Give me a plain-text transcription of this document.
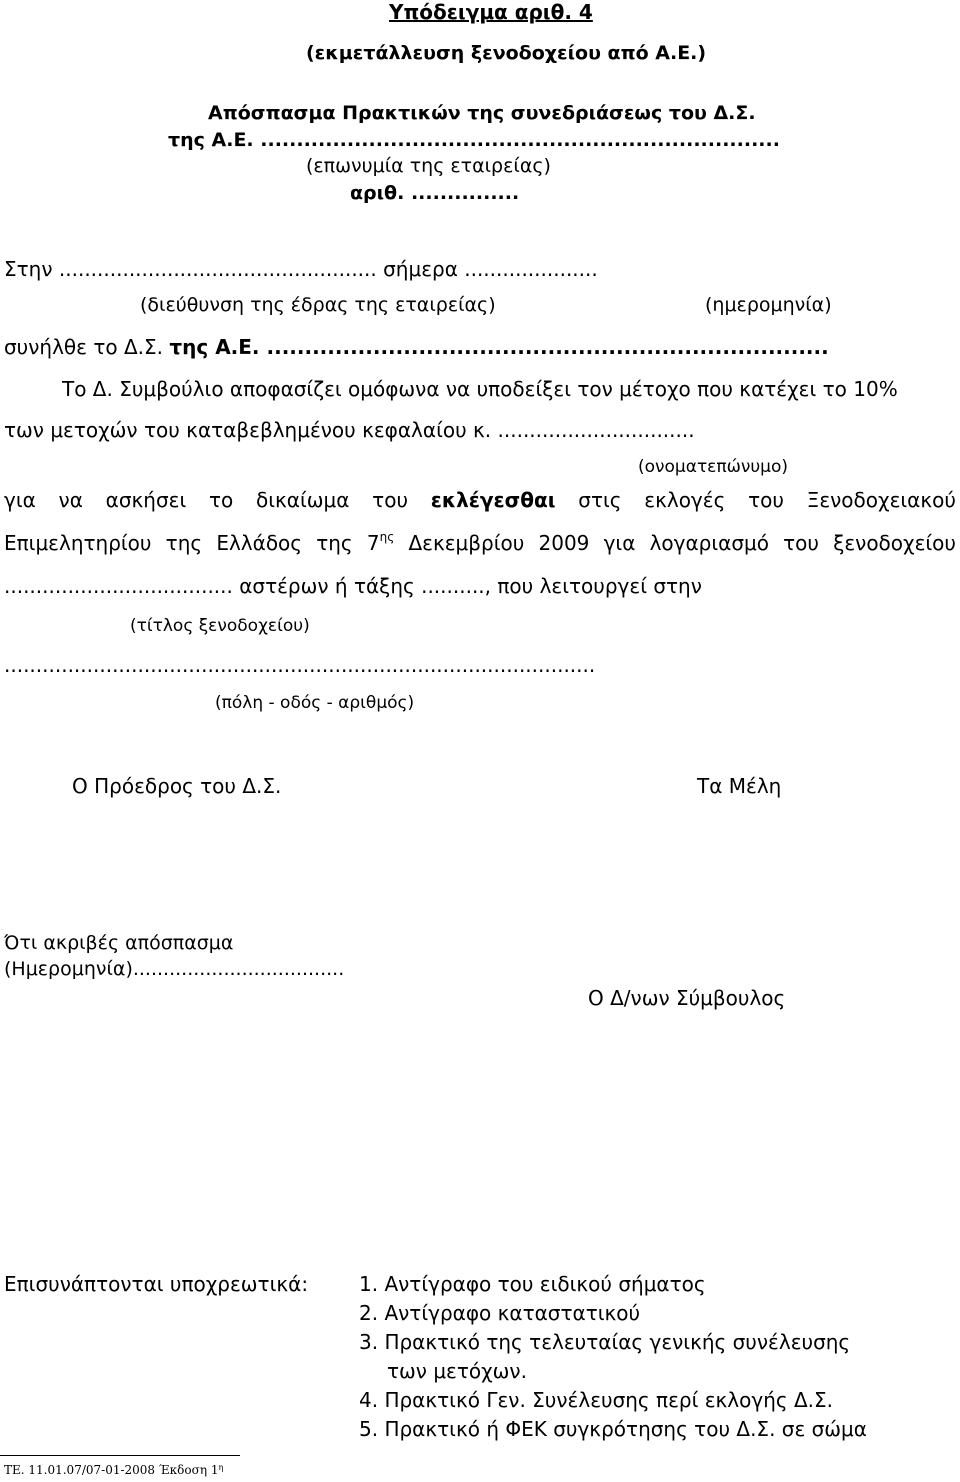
Υπόδειγμα αριθ. 4
(εκμετάλλευση ξενοδοχείου από Α.Ε.)
Απόσπασμα Πρακτικών της συνεδριάσεως του Δ.Σ.
της Α.Ε. ........................................................................
(επωνυμία της εταιρείας)
αριθ. ...............
Στην .................................................. σήμερα .....................
(διεύθυνση της έδρας της εταιρείας)	(ημερομηνία)
συνήλθε το Δ.Σ. της Α.Ε. ..........................................................................
Το Δ. Συμβούλιο αποφασίζει ομόφωνα να υποδείξει τον μέτοχο που κατέχει το 10%
των μετοχών του καταβεβλημένου κεφαλαίου κ. ...............................
(ονοματεπώνυμο)
για να ασκήσει το δικαίωμα του εκλέγεσθαι στις εκλογές του Ξενοδοχειακού
Επιμελητηρίου της Ελλάδος της $7^{\eta\varsigma}$ Δεκεμβρίου 2009 για λογαριασμό του ξενοδοχείου
.................................... αστέρων ή τάξης .........., που λειτουργεί στην
(τίτλος ξενοδοχείου)
.............................................................................................
(πόλη - οδός - αριθμός)
Ο Πρόεδρος του Δ.Σ.	Τα Μέλη
Ότι ακριβές απόσπασμα
(Ημερομηνία)...................................
Ο Δ/νων Σύμβουλος
Επισυνάπτονται υποχρεωτικά:	1. Αντίγραφο του ειδικού σήματος
2. Αντίγραφο καταστατικού
3. Πρακτικό της τελευταίας γενικής συνέλευσης
των μετόχων.
4. Πρακτικό Γεν. Συνέλευσης περί εκλογής Δ.Σ.
5. Πρακτικό ή ΦΕΚ συγκρότησης του Δ.Σ. σε σώμα
ΤΕ. 11.01.07/07-01-2008 Έκδοση $1^\eta$
